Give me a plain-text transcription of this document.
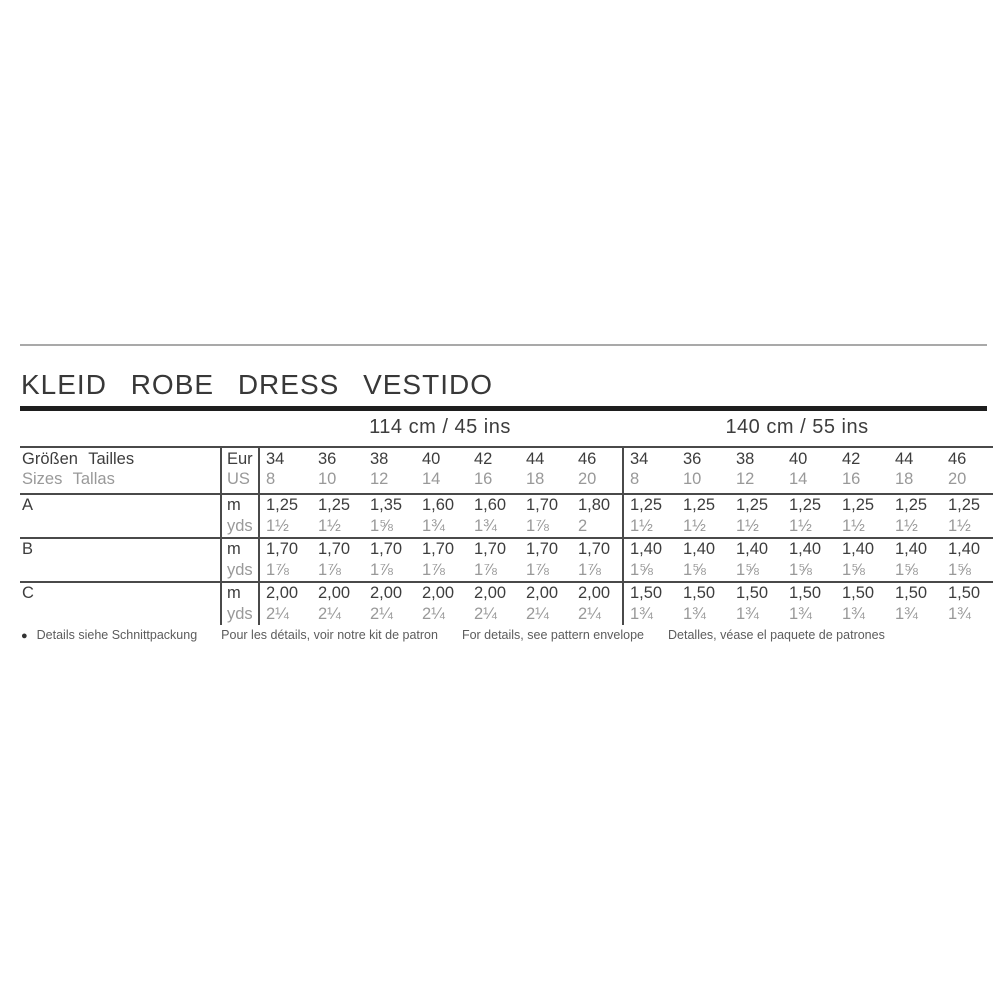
KLEID ROBE DRESS VESTIDO
114 cm / 45 ins	140 cm / 55 ins
Größen Tailles	Eur 34	36	38	40	42	44	46	34	36	38	40	42	44	46
Sizes Tallas	US 8	10	12	14	16	18	20	8	10	12	14	16	18	20
A	m	1,25	1,25	1,35	1,60	1,60	1,70	1,80	1,25	1,25	1,25	1,25	1,25	1,25	1,25
yds 1½	1½	1⅝	1¾	1¾	1⅞	2	1½	1½	1½	1½	1½	1½	1½
B	m	1,70	1,70	1,70	1,70	1,70	1,70	1,70	1,40	1,40	1,40	1,40	1,40	1,40	1,40
yds 1⅞	1⅞	1⅞	1⅞	1⅞	1⅞	1⅞	1⅝	1⅝	1⅝	1⅝	1⅝	1⅝	1⅝
C	m	2,00	2,00	2,00	2,00	2,00	2,00	2,00	1,50	1,50	1,50	1,50	1,50	1,50	1,50
yds 2¼	2¼	2¼	2¼	2¼	2¼	2¼	1¾	1¾	1¾	1¾	1¾	1¾	1¾
● Details siehe Schnittpackung Pour les détails, voir notre kit de patron For details, see pattern envelope Detalles, véase el paquete de patrones
